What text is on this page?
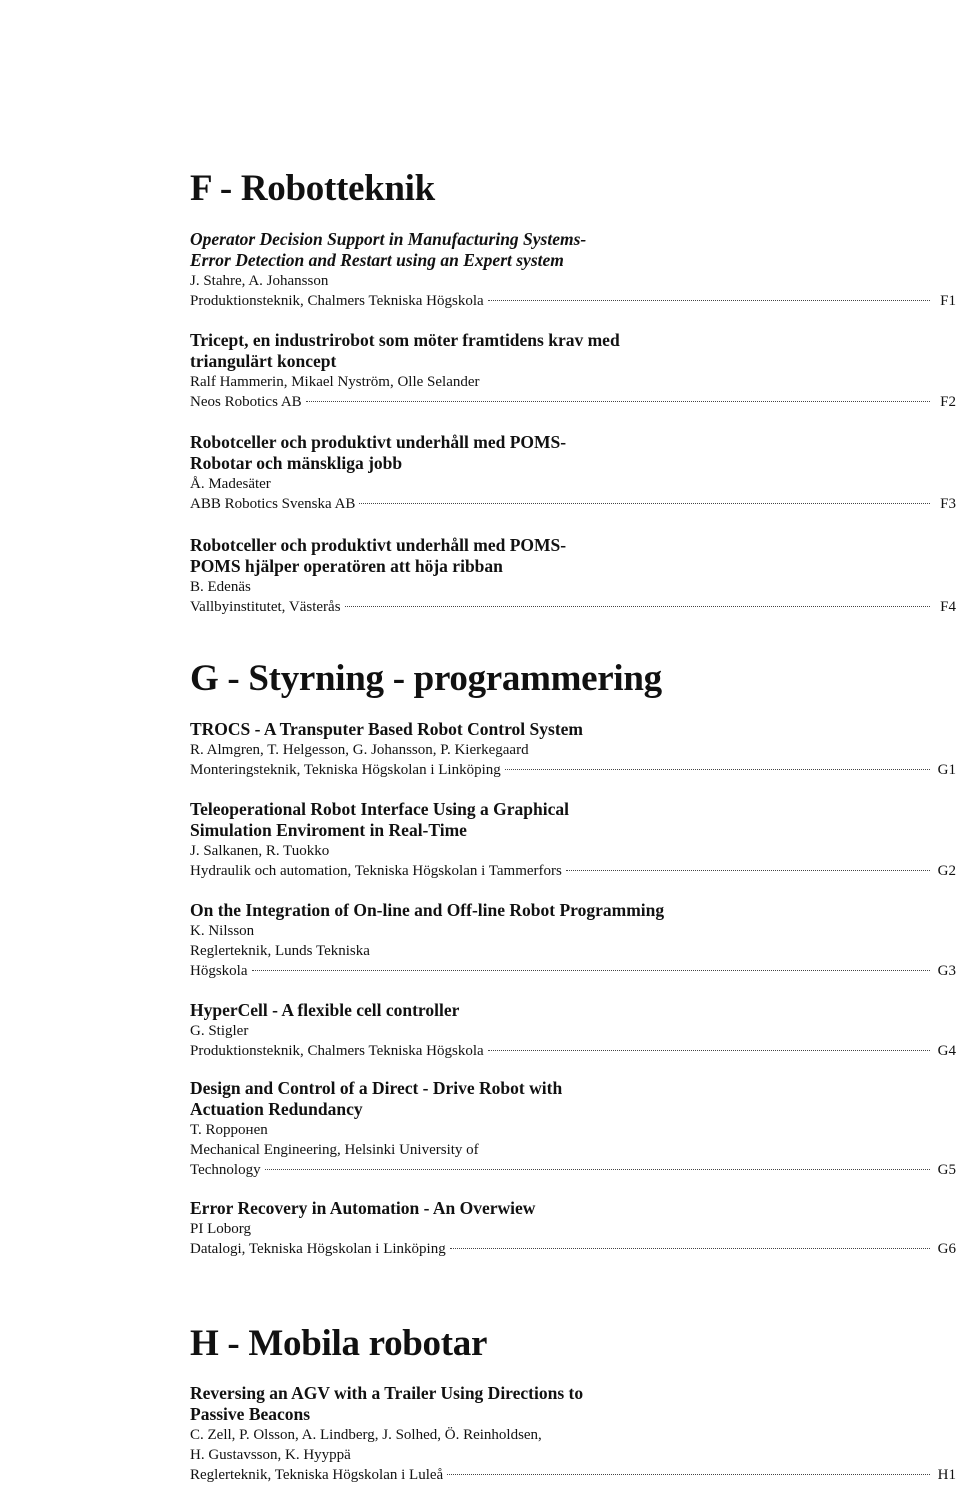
F - Robotteknik
Operator Decision Support in Manufacturing Systems-
Error Detection and Restart using an Expert system
J. Stahre, A. Johansson
Produktionsteknik, Chalmers Tekniska Högskola	F1
Tricept, en industrirobot som möter framtidens krav med
triangulärt koncept
Ralf Hammerin, Mikael Nyström, Olle Selander
Neos Robotics AB	F2
Robotceller och produktivt underhåll med POMS-
Robotar och mänskliga jobb
Å. Madesäter
ABB Robotics Svenska AB	F3
Robotceller och produktivt underhåll med POMS-
POMS hjälper operatören att höja ribban
B. Edenäs
Vallbyinstitutet, Västerås	F4
G - Styrning - programmering
TROCS - A Transputer Based Robot Control System
R. Almgren, T. Helgesson, G. Johansson, P. Kierkegaard
Monteringsteknik, Tekniska Högskolan i Linköping	G1
Teleoperational Robot Interface Using a Graphical
Simulation Enviroment in Real-Time
J. Salkanen, R. Tuokko
Hydraulik och automation, Tekniska Högskolan i Tammerfors	G2
On the Integration of On-line and Off-line Robot Programming
K. Nilsson
Reglerteknik, Lunds Tekniska
Högskola	G3
HyperCell - A flexible cell controller
G. Stigler
Produktionsteknik, Chalmers Tekniska Högskola	G4
Design and Control of a Direct - Drive Robot with
Actuation Redundancy
T. Roppонen
Mechanical Engineering, Helsinki University of
Technology	G5
Error Recovery in Automation - An Overwiew
PІ Loborg
Datalogi, Tekniska Högskolan i Linköping	G6
H - Mobila robotar
Reversing an AGV with a Trailer Using Directions to
Passive Beacons
C. Zell, P. Olsson, A. Lindberg, J. Solhed, Ö. Reinholdsen,
H. Gustavsson, K. Hyyppä
Reglerteknik, Tekniska Högskolan i Luleå	H1
